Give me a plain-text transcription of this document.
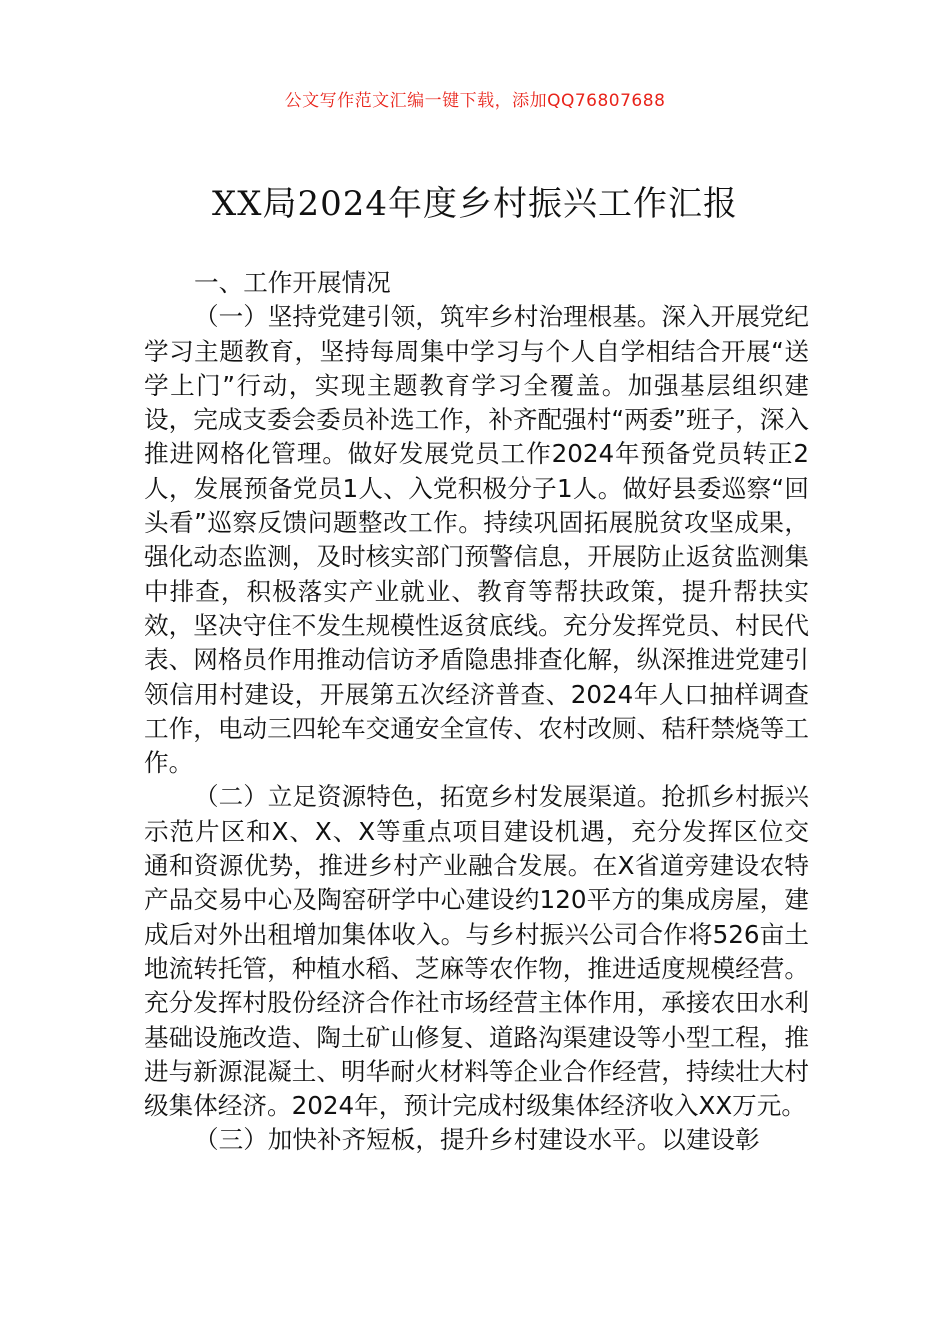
公文写作范文汇编一键下载，添加QQ76807688
XX局2024年度乡村振兴工作汇报

一、工作开展情况

（一）坚持党建引领，筑牢乡村治理根基。深入开展党纪学习主题教育，坚持每周集中学习与个人自学相结合开展“送学上门”行动，实现主题教育学习全覆盖。加强基层组织建设，完成支委会委员补选工作，补齐配强村“两委”班子，深入推进网格化管理。做好发展党员工作2024年预备党员转正2人，发展预备党员1人、入党积极分子1人。做好县委巡察“回头看”巡察反馈问题整改工作。持续巩固拓展脱贫攻坚成果，强化动态监测，及时核实部门预警信息，开展防止返贫监测集中排查，积极落实产业就业、教育等帮扶政策，提升帮扶实效，坚决守住不发生规模性返贫底线。充分发挥党员、村民代表、网格员作用推动信访矛盾隐患排查化解，纵深推进党建引领信用村建设，开展第五次经济普查、2024年人口抽样调查工作，电动三四轮车交通安全宣传、农村改厕、秸秆禁烧等工作。

（二）立足资源特色，拓宽乡村发展渠道。抢抓乡村振兴示范片区和X、X、X等重点项目建设机遇，充分发挥区位交通和资源优势，推进乡村产业融合发展。在X省道旁建设农特产品交易中心及陶窑研学中心建设约120平方的集成房屋，建成后对外出租增加集体收入。与乡村振兴公司合作将526亩土地流转托管，种植水稻、芝麻等农作物，推进适度规模经营。充分发挥村股份经济合作社市场经营主体作用，承接农田水利基础设施改造、陶土矿山修复、道路沟渠建设等小型工程，推进与新源混凝土、明华耐火材料等企业合作经营，持续壮大村级集体经济。2024年，预计完成村级集体经济收入XX万元。

（三）加快补齐短板，提升乡村建设水平。以建设彰
